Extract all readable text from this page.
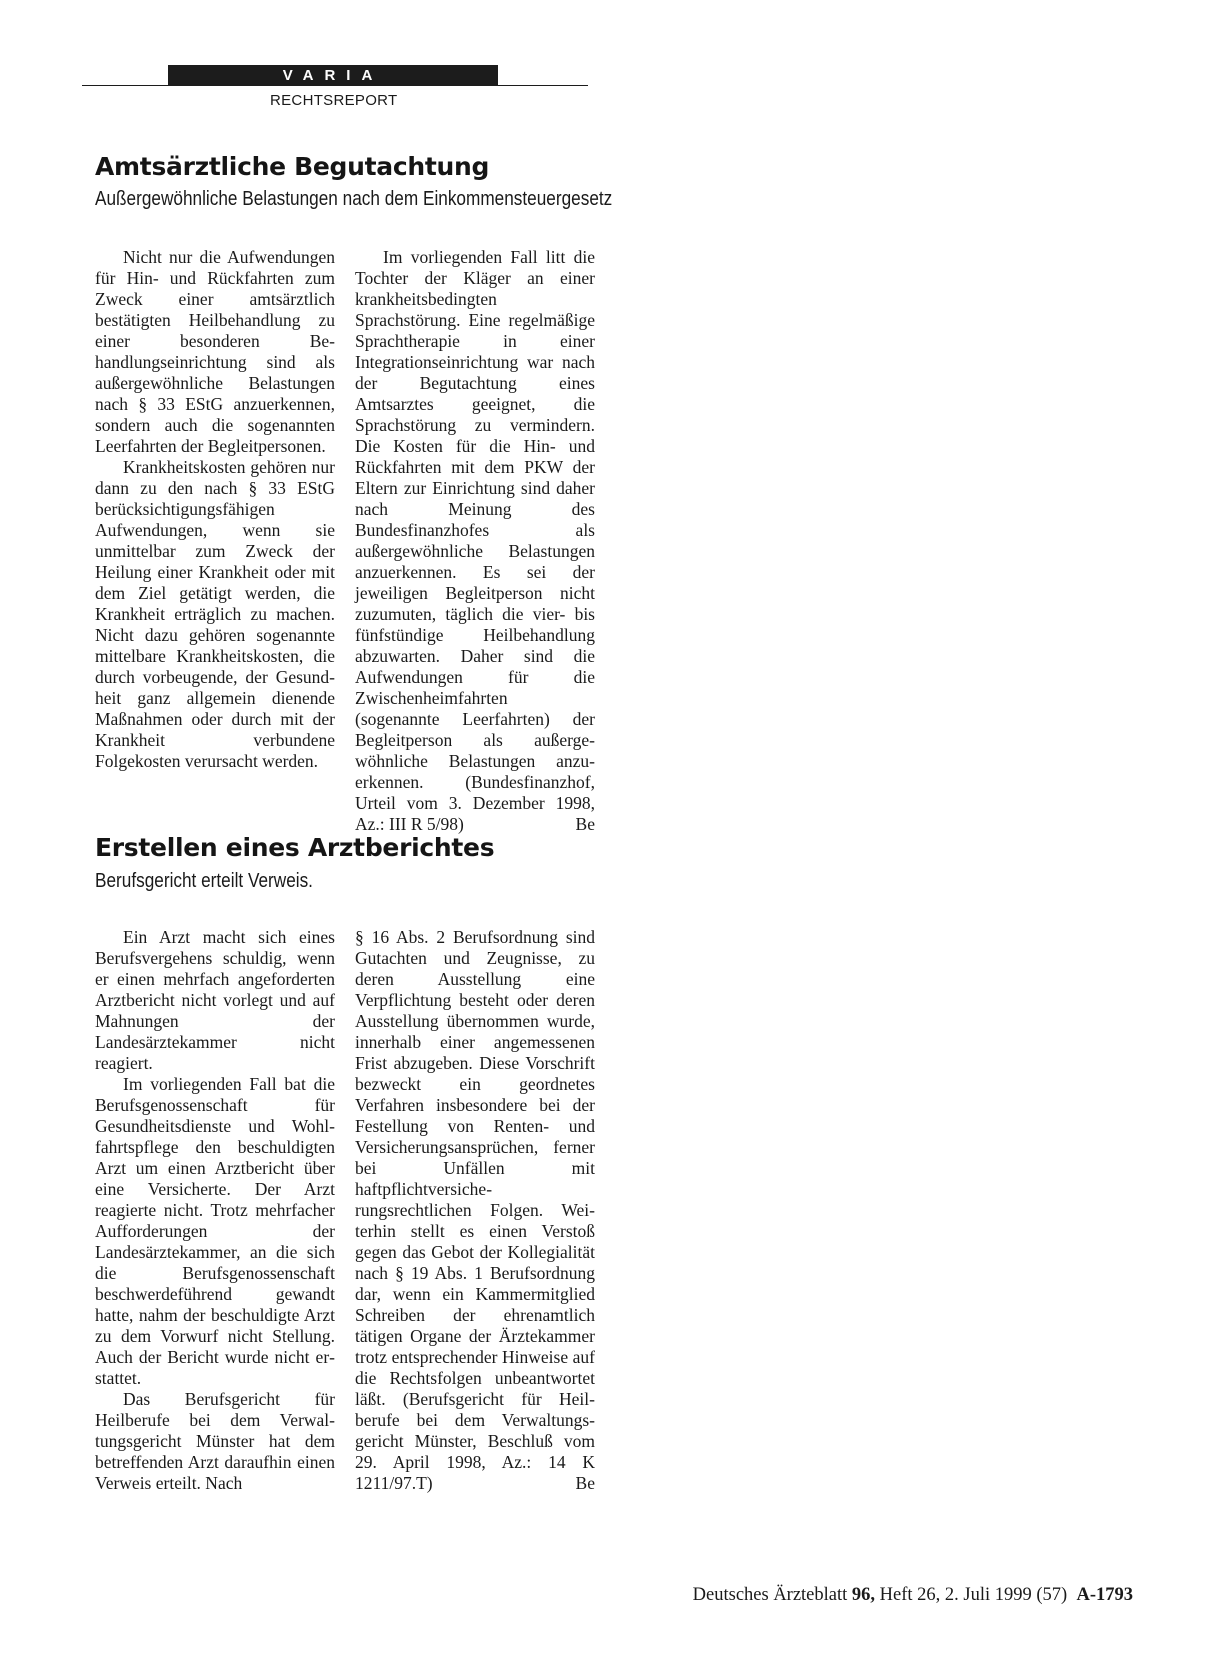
VARIA
RECHTSREPORT
Amtsärztliche Begutachtung
Außergewöhnliche Belastungen nach dem Einkommensteuergesetz

Nicht nur die Aufwendungen für Hin- und Rückfahrten zum Zweck einer amtsärztlich bestätigten Heilbehandlung zu einer besonderen Behandlungseinrichtung sind als außergewöhnliche Belastungen nach § 33 EStG anzuerkennen, sondern auch die sogenannten Leerfahrten der Begleitpersonen.

Krankheitskosten gehören nur dann zu den nach § 33 EStG berücksichtigungsfähigen Aufwendungen, wenn sie unmittelbar zum Zweck der Heilung einer Krankheit oder mit dem Ziel getätigt werden, die Krankheit erträglich zu machen. Nicht dazu gehören sogenannte mittelbare Krankheitskosten, die durch vorbeugende, der Gesundheit ganz allgemein dienende Maßnahmen oder durch mit der Krankheit verbundene Folgekosten verursacht werden.

Im vorliegenden Fall litt die Tochter der Kläger an einer krankheitsbedingten Sprachstörung. Eine regelmäßige Sprachtherapie in einer Integrationseinrichtung war nach der Begutachtung eines Amtsarztes geeignet, die Sprachstörung zu vermindern. Die Kosten für die Hin- und Rückfahrten mit dem PKW der Eltern zur Einrichtung sind daher nach Meinung des Bundesfinanzhofes als außergewöhnliche Belastungen anzuerkennen. Es sei der jeweiligen Begleitperson nicht zuzumuten, täglich die vier- bis fünfstündige Heilbehandlung abzuwarten. Daher sind die Aufwendungen für die Zwischenheimfahrten (sogenannte Leerfahrten) der Begleitperson als außergewöhnliche Belastungen anzuerkennen. (Bundesfinanzhof, Urteil vom 3. Dezember 1998, Az.: III R 5/98)	Be

Erstellen eines Arztberichtes
Berufsgericht erteilt Verweis.

Ein Arzt macht sich eines Berufsvergehens schuldig, wenn er einen mehrfach angeforderten Arztbericht nicht vorlegt und auf Mahnungen der Landesärztekammer nicht reagiert.

Im vorliegenden Fall bat die Berufsgenossenschaft für Gesundheitsdienste und Wohlfahrtspflege den beschuldigten Arzt um einen Arztbericht über eine Versicherte. Der Arzt reagierte nicht. Trotz mehrfacher Aufforderungen der Landesärztekammer, an die sich die Berufsgenossenschaft beschwerdeführend gewandt hatte, nahm der beschuldigte Arzt zu dem Vorwurf nicht Stellung. Auch der Bericht wurde nicht erstattet.

Das Berufsgericht für Heilberufe bei dem Verwaltungsgericht Münster hat dem betreffenden Arzt daraufhin einen Verweis erteilt. Nach

§ 16 Abs. 2 Berufsordnung sind Gutachten und Zeugnisse, zu deren Ausstellung eine Verpflichtung besteht oder deren Ausstellung übernommen wurde, innerhalb einer angemessenen Frist abzugeben. Diese Vorschrift bezweckt ein geordnetes Verfahren insbesondere bei der Festellung von Renten- und Versicherungsansprüchen, ferner bei Unfällen mit haftpflichtversicherungsrechtlichen Folgen. Weiterhin stellt es einen Verstoß gegen das Gebot der Kollegialität nach § 19 Abs. 1 Berufsordnung dar, wenn ein Kammermitglied Schreiben der ehrenamtlich tätigen Organe der Ärztekammer trotz entsprechender Hinweise auf die Rechtsfolgen unbeantwortet läßt. (Berufsgericht für Heilberufe bei dem Verwaltungsgericht Münster, Beschluß vom 29. April 1998, Az.: 14 K 1211/97.T)	Be

Deutsches Ärzteblatt 96, Heft 26, 2. Juli 1999 (57) A-1793
